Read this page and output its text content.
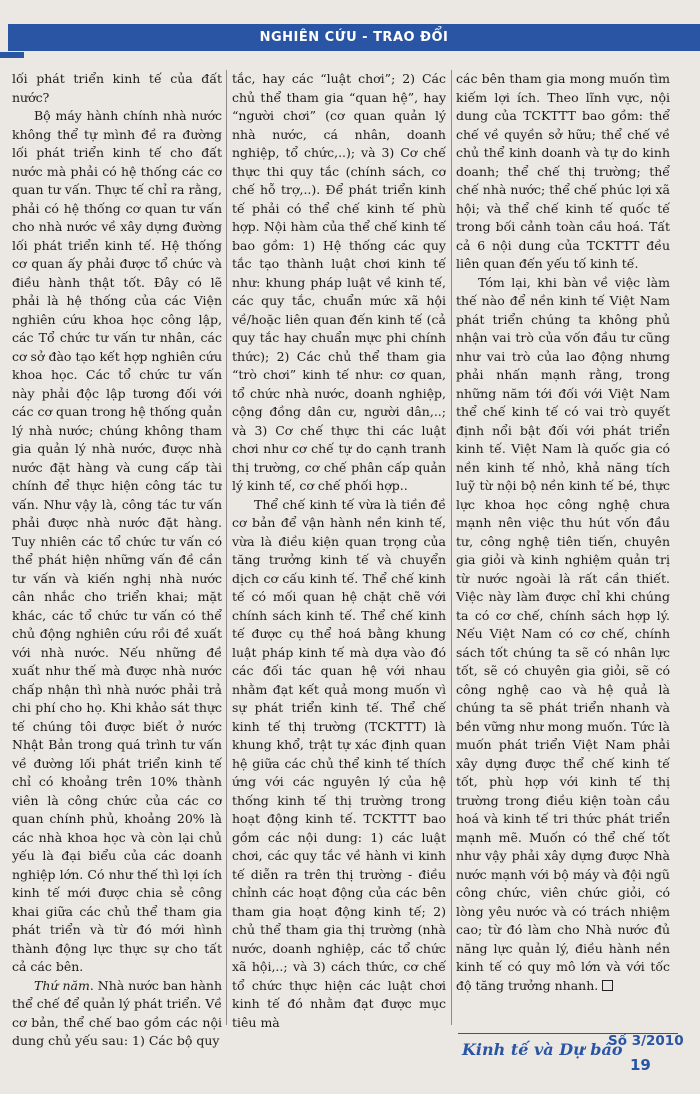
NGHIÊN CỨU - TRAO ĐỔI

lối phát triển kinh tế của đất nước?

Bộ máy hành chính nhà nước không thể tự mình đề ra đường lối phát triển kinh tế cho đất nước mà phải có hệ thống các cơ quan tư vấn. Thực tế chỉ ra rằng, phải có hệ thống cơ quan tư vấn cho nhà nước về xây dựng đường lối phát triển kinh tế. Hệ thống cơ quan ấy phải được tổ chức và điều hành thật tốt. Đây có lẽ phải là hệ thống của các Viện nghiên cứu khoa học công lập, các Tổ chức tư vấn tư nhân, các cơ sở đào tạo kết hợp nghiên cứu khoa học. Các tổ chức tư vấn này phải độc lập tương đối với các cơ quan trong hệ thống quản lý nhà nước; chúng không tham gia quản lý nhà nước, được nhà nước đặt hàng và cung cấp tài chính để thực hiện công tác tư vấn. Như vậy là, công tác tư vấn phải được nhà nước đặt hàng. Tuy nhiên các tổ chức tư vấn có thể phát hiện những vấn đề cần tư vấn và kiến nghị nhà nước cân nhắc cho triển khai; mặt khác, các tổ chức tư vấn có thể chủ động nghiên cứu rồi đề xuất với nhà nước. Nếu những đề xuất như thế mà được nhà nước chấp nhận thì nhà nước phải trả chi phí cho họ. Khi khảo sát thực tế chúng tôi được biết ở nước Nhật Bản trong quá trình tư vấn về đường lối phát triển kinh tế chỉ có khoảng trên 10% thành viên là công chức của các cơ quan chính phủ, khoảng 20% là các nhà khoa học và còn lại chủ yếu là đại biểu của các doanh nghiệp lớn. Có như thế thì lợi ích kinh tế mới được chia sẻ công khai giữa các chủ thể tham gia phát triển và từ đó mới hình thành động lực thực sự cho tất cả các bên.

Thứ năm. Nhà nước ban hành thể chế để quản lý phát triển. Về cơ bản, thể chế bao gồm các nội dung chủ yếu sau: 1) Các bộ quy

tắc, hay các “luật chơi”; 2) Các chủ thể tham gia “quan hệ”, hay “người chơi” (cơ quan quản lý nhà nước, cá nhân, doanh nghiệp, tổ chức,..); và 3) Cơ chế thực thi quy tắc (chính sách, cơ chế hỗ trợ,..). Để phát triển kinh tế phải có thể chế kinh tế phù hợp. Nội hàm của thể chế kinh tế bao gồm: 1) Hệ thống các quy tắc tạo thành luật chơi kinh tế như: khung pháp luật về kinh tế, các quy tắc, chuẩn mức xã hội về/hoặc liên quan đến kinh tế (cả quy tắc hay chuẩn mực phi chính thức); 2) Các chủ thể tham gia “trò chơi” kinh tế như: cơ quan, tổ chức nhà nước, doanh nghiệp, cộng đồng dân cư, người dân,..; và 3) Cơ chế thực thi các luật chơi như cơ chế tự do cạnh tranh thị trường, cơ chế phân cấp quản lý kinh tế, cơ chế phối hợp..

Thể chế kinh tế vừa là tiền đề cơ bản để vận hành nền kinh tế, vừa là điều kiện quan trọng của tăng trưởng kinh tế và chuyển dịch cơ cấu kinh tế. Thể chế kinh tế có mối quan hệ chặt chẽ với chính sách kinh tế. Thể chế kinh tế được cụ thể hoá bằng khung luật pháp kinh tế mà dựa vào đó các đối tác quan hệ với nhau nhằm đạt kết quả mong muốn vì sự phát triển kinh tế. Thể chế kinh tế thị trường (TCKTTT) là khung khổ, trật tự xác định quan hệ giữa các chủ thể kinh tế thích ứng với các nguyên lý của hệ thống kinh tế thị trường trong hoạt động kinh tế. TCKTTT bao gồm các nội dung: 1) các luật chơi, các quy tắc về hành vi kinh tế diễn ra trên thị trường - điều chỉnh các hoạt động của các bên tham gia hoạt động kinh tế; 2) chủ thể tham gia thị trường (nhà nước, doanh nghiệp, các tổ chức xã hội,..; và 3) cách thức, cơ chế tổ chức thực hiện các luật chơi kinh tế đó nhằm đạt được mục tiêu mà

các bên tham gia mong muốn tìm kiếm lợi ích. Theo lĩnh vực, nội dung của TCKTTT bao gồm: thể chế về quyền sở hữu; thể chế về chủ thể kinh doanh và tự do kinh doanh; thể chế thị trường; thể chế nhà nước; thể chế phúc lợi xã hội; và thể chế kinh tế quốc tế trong bối cảnh toàn cầu hoá. Tất cả 6 nội dung của TCKTTT đều liên quan đến yếu tố kinh tế.

Tóm lại, khi bàn về việc làm thế nào để nền kinh tế Việt Nam phát triển chúng ta không phủ nhận vai trò của vốn đầu tư cũng như vai trò của lao động nhưng phải nhấn mạnh rằng, trong những năm tới đối với Việt Nam thể chế kinh tế có vai trò quyết định nổi bật đối với phát triển kinh tế. Việt Nam là quốc gia có nền kinh tế nhỏ, khả năng tích luỹ từ nội bộ nền kinh tế bé, thực lực khoa học công nghệ chưa mạnh nên việc thu hút vốn đầu tư, công nghệ tiên tiến, chuyên gia giỏi và kinh nghiệm quản trị từ nước ngoài là rất cần thiết. Việc này làm được chỉ khi chúng ta có cơ chế, chính sách hợp lý. Nếu Việt Nam có cơ chế, chính sách tốt chúng ta sẽ có nhân lực tốt, sẽ có chuyên gia giỏi, sẽ có công nghệ cao và hệ quả là chúng ta sẽ phát triển nhanh và bền vững như mong muốn. Tức là muốn phát triển Việt Nam phải xây dựng được thể chế kinh tế tốt, phù hợp với kinh tế thị trường trong điều kiện toàn cầu hoá và kinh tế tri thức phát triển mạnh mẽ. Muốn có thể chế tốt như vậy phải xây dựng được Nhà nước mạnh với bộ máy và đội ngũ công chức, viên chức giỏi, có lòng yêu nước và có trách nhiệm cao; từ đó làm cho Nhà nước đủ năng lực quản lý, điều hành nền kinh tế có quy mô lớn và với tốc độ tăng trưởng nhanh.

Kinh tế và Dự báo
Số 3/2010
19
